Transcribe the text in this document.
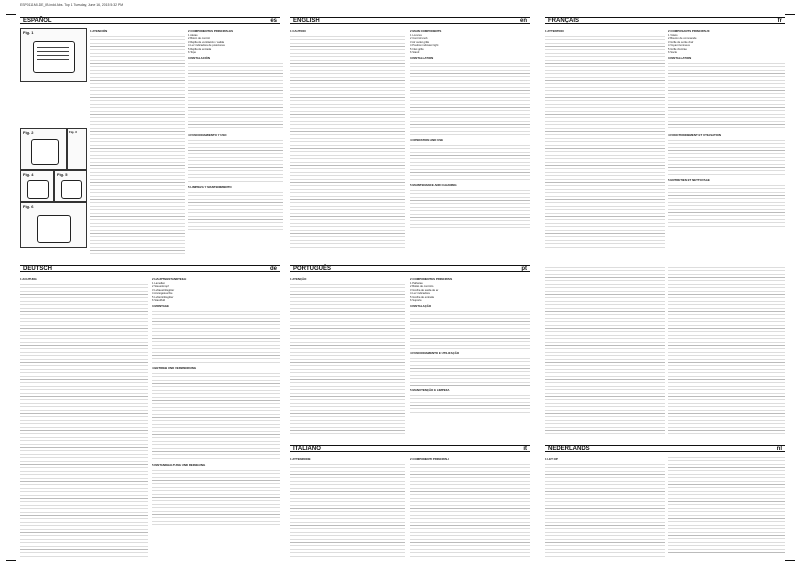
ESP0111MI-DE_IB.indd Abs. Top 1 Tuesday, June 16, 2015 5:32 PM
ESPAÑOL	es	ENGLISH	en	FRANÇAIS	fr
Fig. 1
Fig. 2	Fig. 3
Fig. 4	Fig. 5
Fig. 6
1 ATENCIÓN	2 COMPONENTES PRINCIPALES
1 Aletas
2 Botón de control
3 Rejilla de ventilación / salida
4 Luz indicadora de posiciones
5 Rejilla de entrada
6 Tope
3 INSTALACIÓN
4 FUNCIONAMIENTO Y USO
5 LIMPIEZA Y MANTENIMIENTO
1 CAUTION	2 MAIN COMPONENTS
1 Louvres
2 Control knob
3 Air outlet grille
4 Position indicator light
5 Inlet grille
6 Stand
3 INSTALLATION
4 OPERATION AND USE
5 MAINTENANCE AND CLEANING
1 ATTENTION	2 COMPOSANTS PRINCIPAUX
1 Volets
2 Bouton de commande
3 Grille de sortie d'air
4 Voyant lumineux
5 Grille d'entrée
6 Socle
3 INSTALLATION
4 FONCTIONNEMENT ET UTILISATION
5 ENTRETIEN ET NETTOYAGE
DEUTSCH	de	PORTUGUÊS	pt
ITALIANO	it	NEDERLANDS	nl
1 ACHTUNG	2 HAUPTBESTANDTEILE
1 Lamellen
2 Steuerknopf
3 Luftaustrittsgitter
4 Anzeigeleuchte
5 Lufteintrittsgitter
6 Standfuß
3 MONTAGE
4 BETRIEB UND VERWENDUNG
5 INSTANDHALTUNG UND REINIGUNG
1 ATENÇÃO	2 COMPONENTES PRINCIPAIS
1 Palhetas
2 Botão de controlo
3 Grelha de saída de ar
4 Luz indicadora
5 Grelha de entrada
6 Suporte
3 INSTALAÇÃO
4 FUNCIONAMENTO E UTILIZAÇÃO
5 MANUTENÇÃO E LIMPEZA
1 ATTENZIONE	2 COMPONENTI PRINCIPALI	1 LET OP
